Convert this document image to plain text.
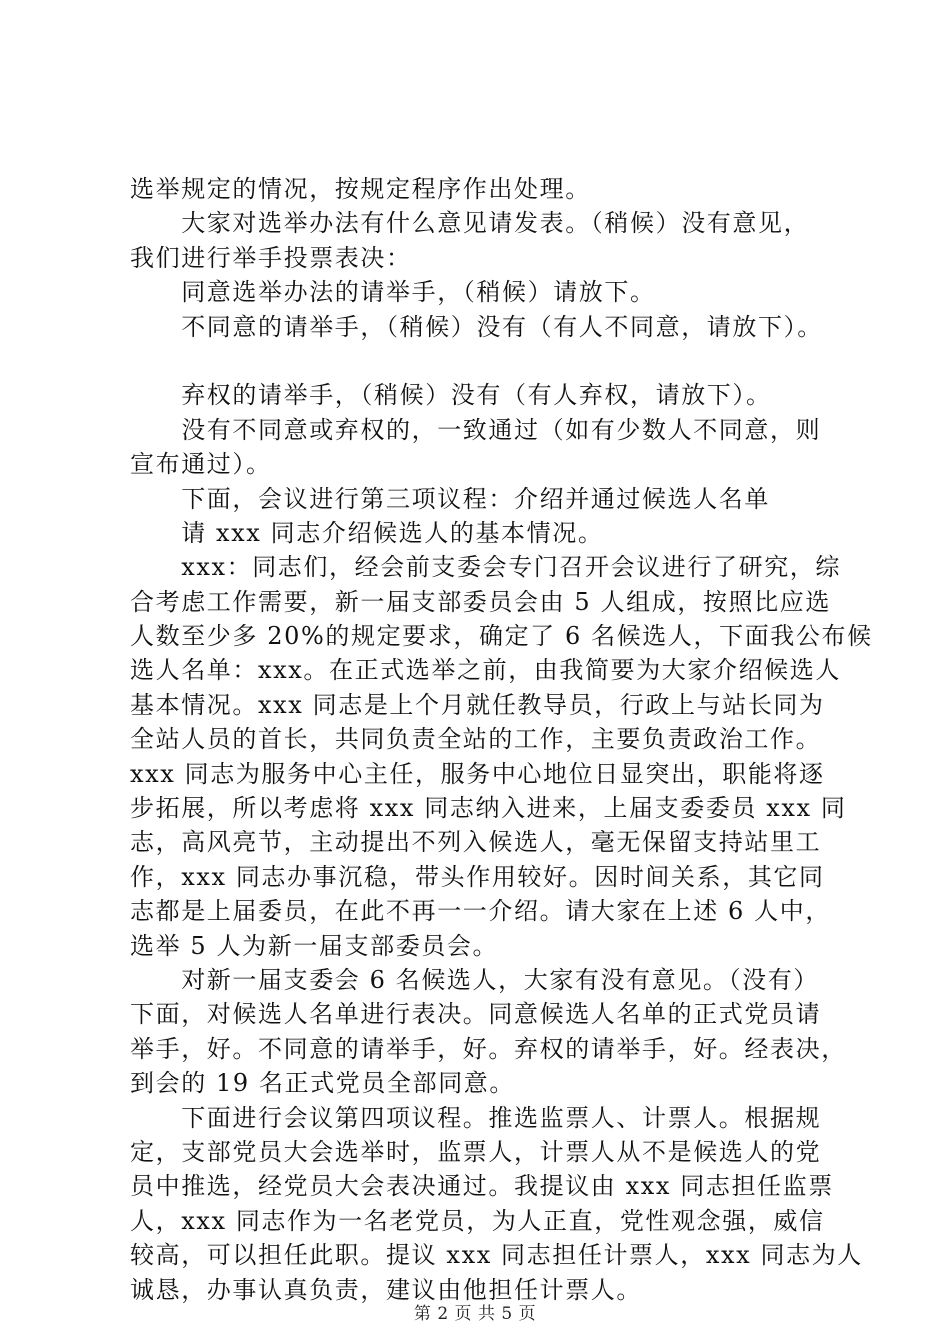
选举规定的情况，按规定程序作出处理。
　　大家对选举办法有什么意见请发表。（稍候）没有意见，
我们进行举手投票表决：
　　同意选举办法的请举手，（稍候）请放下。
　　不同意的请举手，（稍候）没有（有人不同意，请放下）。
　　弃权的请举手，（稍候）没有（有人弃权，请放下）。
　　没有不同意或弃权的，一致通过（如有少数人不同意，则
宣布通过）。
　　下面，会议进行第三项议程：介绍并通过候选人名单
　　请 xxx 同志介绍候选人的基本情况。
　　xxx：同志们，经会前支委会专门召开会议进行了研究，综
合考虑工作需要，新一届支部委员会由 5 人组成，按照比应选
人数至少多 20%的规定要求，确定了 6 名候选人，下面我公布候
选人名单：xxx。在正式选举之前，由我简要为大家介绍候选人
基本情况。xxx 同志是上个月就任教导员，行政上与站长同为
全站人员的首长，共同负责全站的工作，主要负责政治工作。
xxx 同志为服务中心主任，服务中心地位日显突出，职能将逐
步拓展，所以考虑将 xxx 同志纳入进来，上届支委委员 xxx 同
志，高风亮节，主动提出不列入候选人，毫无保留支持站里工
作，xxx 同志办事沉稳，带头作用较好。因时间关系，其它同
志都是上届委员，在此不再一一介绍。请大家在上述 6 人中，
选举 5 人为新一届支部委员会。
　　对新一届支委会 6 名候选人，大家有没有意见。（没有）
下面，对候选人名单进行表决。同意候选人名单的正式党员请
举手，好。不同意的请举手，好。弃权的请举手，好。经表决，
到会的 19 名正式党员全部同意。
　　下面进行会议第四项议程。推选监票人、计票人。根据规
定，支部党员大会选举时，监票人，计票人从不是候选人的党
员中推选，经党员大会表决通过。我提议由 xxx 同志担任监票
人，xxx 同志作为一名老党员，为人正直，党性观念强，威信
较高，可以担任此职。提议 xxx 同志担任计票人，xxx 同志为人
诚恳，办事认真负责，建议由他担任计票人。
第 2 页 共 5 页
